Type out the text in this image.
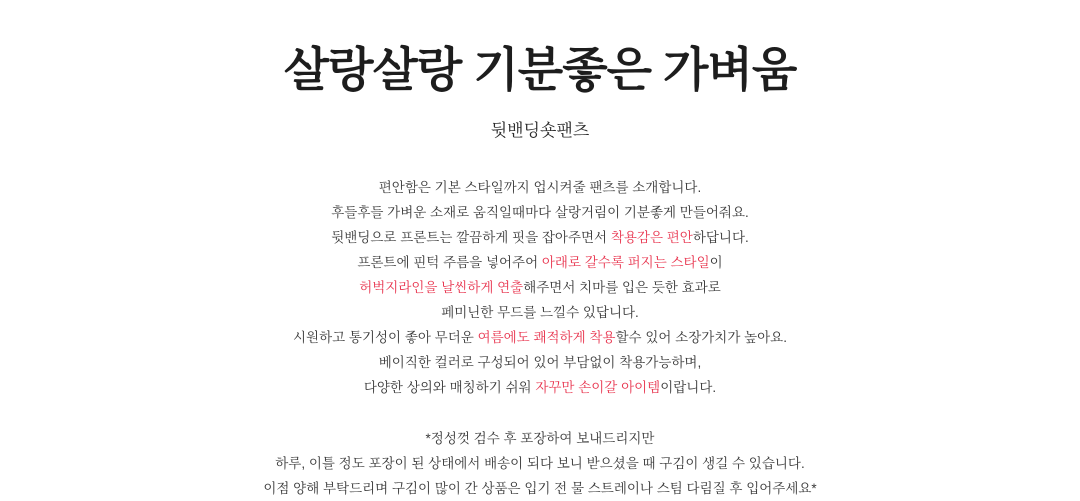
살랑살랑 기분좋은 가벼움
뒷밴딩숏팬츠
편안함은 기본 스타일까지 업시켜줄 팬츠를 소개합니다.
후들후들 가벼운 소재로 움직일때마다 살랑거림이 기분좋게 만들어줘요.
뒷밴딩으로 프론트는 깔끔하게 핏을 잡아주면서 착용감은 편안하답니다.
프론트에 핀턱 주름을 넣어주어 아래로 갈수록 퍼지는 스타일이
허벅지라인을 날씬하게 연출해주면서 치마를 입은 듯한 효과로
페미닌한 무드를 느낄수 있답니다.
시원하고 통기성이 좋아 무더운 여름에도 쾌적하게 착용할수 있어 소장가치가 높아요.
베이직한 컬러로 구성되어 있어 부담없이 착용가능하며,
다양한 상의와 매칭하기 쉬워 자꾸만 손이갈 아이템이랍니다.
*정성껏 검수 후 포장하여 보내드리지만
하루, 이틀 정도 포장이 된 상태에서 배송이 되다 보니 받으셨을 때 구김이 생길 수 있습니다.
이점 양해 부탁드리며 구김이 많이 간 상품은 입기 전 물 스트레이나 스팀 다림질 후 입어주세요*
